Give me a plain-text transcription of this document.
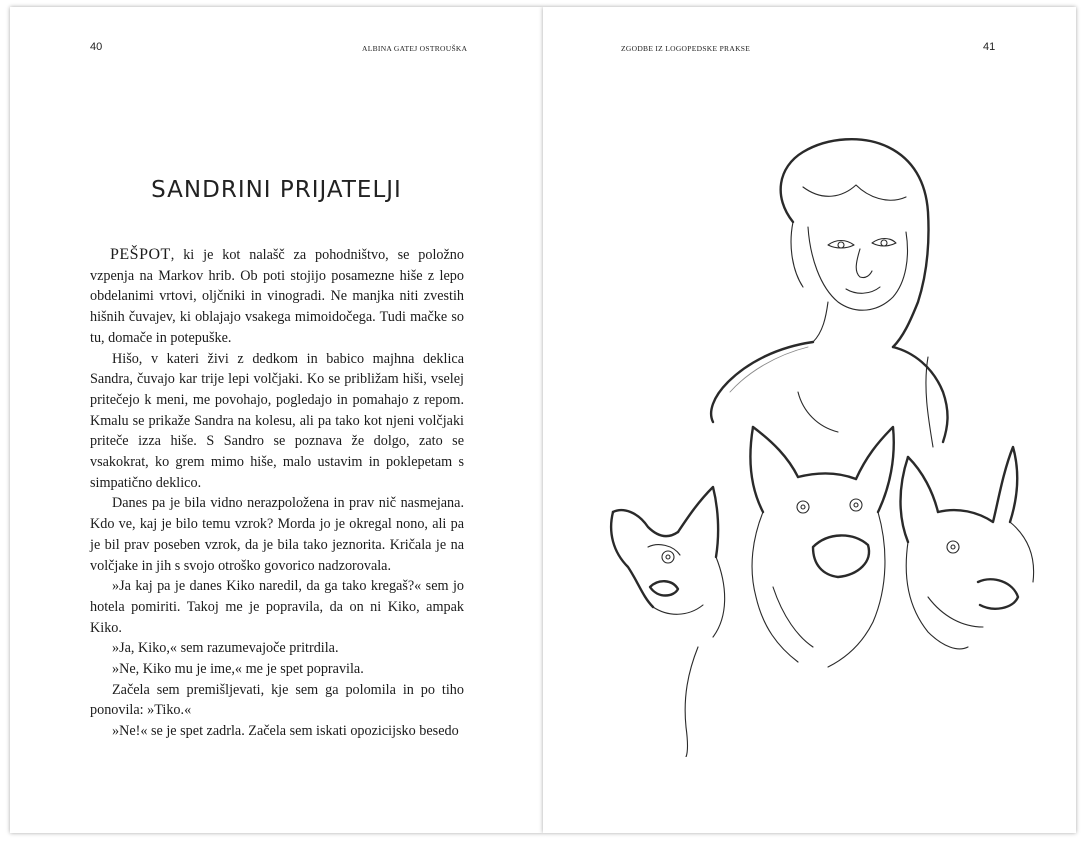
40	ALBINA GATEJ OSTROUŠKA
SANDRINI PRIJATELJI

PEŠPOT, ki je kot nalašč za pohodništvo, se položno vzpenja na Markov hrib. Ob poti stojijo posamezne hiše z lepo obdelanimi vrtovi, oljčniki in vinogradi. Ne manjka niti zvestih hišnih čuvajev, ki oblajajo vsakega mimoidočega. Tudi mačke so tu, domače in potepuške.

Hišo, v kateri živi z dedkom in babico majhna deklica Sandra, čuvajo kar trije lepi volčjaki. Ko se približam hiši, vselej pritečejo k meni, me povohajo, pogledajo in pomahajo z repom. Kmalu se prikaže Sandra na kolesu, ali pa tako kot njeni volčjaki priteče izza hiše. S Sandro se poznava že dolgo, zato se vsakokrat, ko grem mimo hiše, malo ustavim in poklepetam s simpatično deklico.

Danes pa je bila vidno nerazpoložena in prav nič nasmejana. Kdo ve, kaj je bilo temu vzrok? Morda jo je okregal nono, ali pa je bil prav poseben vzrok, da je bila tako jeznorita. Kričala je na volčjake in jih s svojo otroško govorico nadzorovala.

»Ja kaj pa je danes Kiko naredil, da ga tako kregaš?« sem jo hotela pomiriti. Takoj me je popravila, da on ni Kiko, ampak Kiko.

»Ja, Kiko,« sem razumevajoče pritrdila.

»Ne, Kiko mu je ime,« me je spet popravila.

Začela sem premišljevati, kje sem ga polomila in po tiho ponovila: »Tiko.«

»Ne!« se je spet zadrla. Začela sem iskati opozicijsko besedo

ZGODBE IZ LOGOPEDSKE PRAKSE	41
